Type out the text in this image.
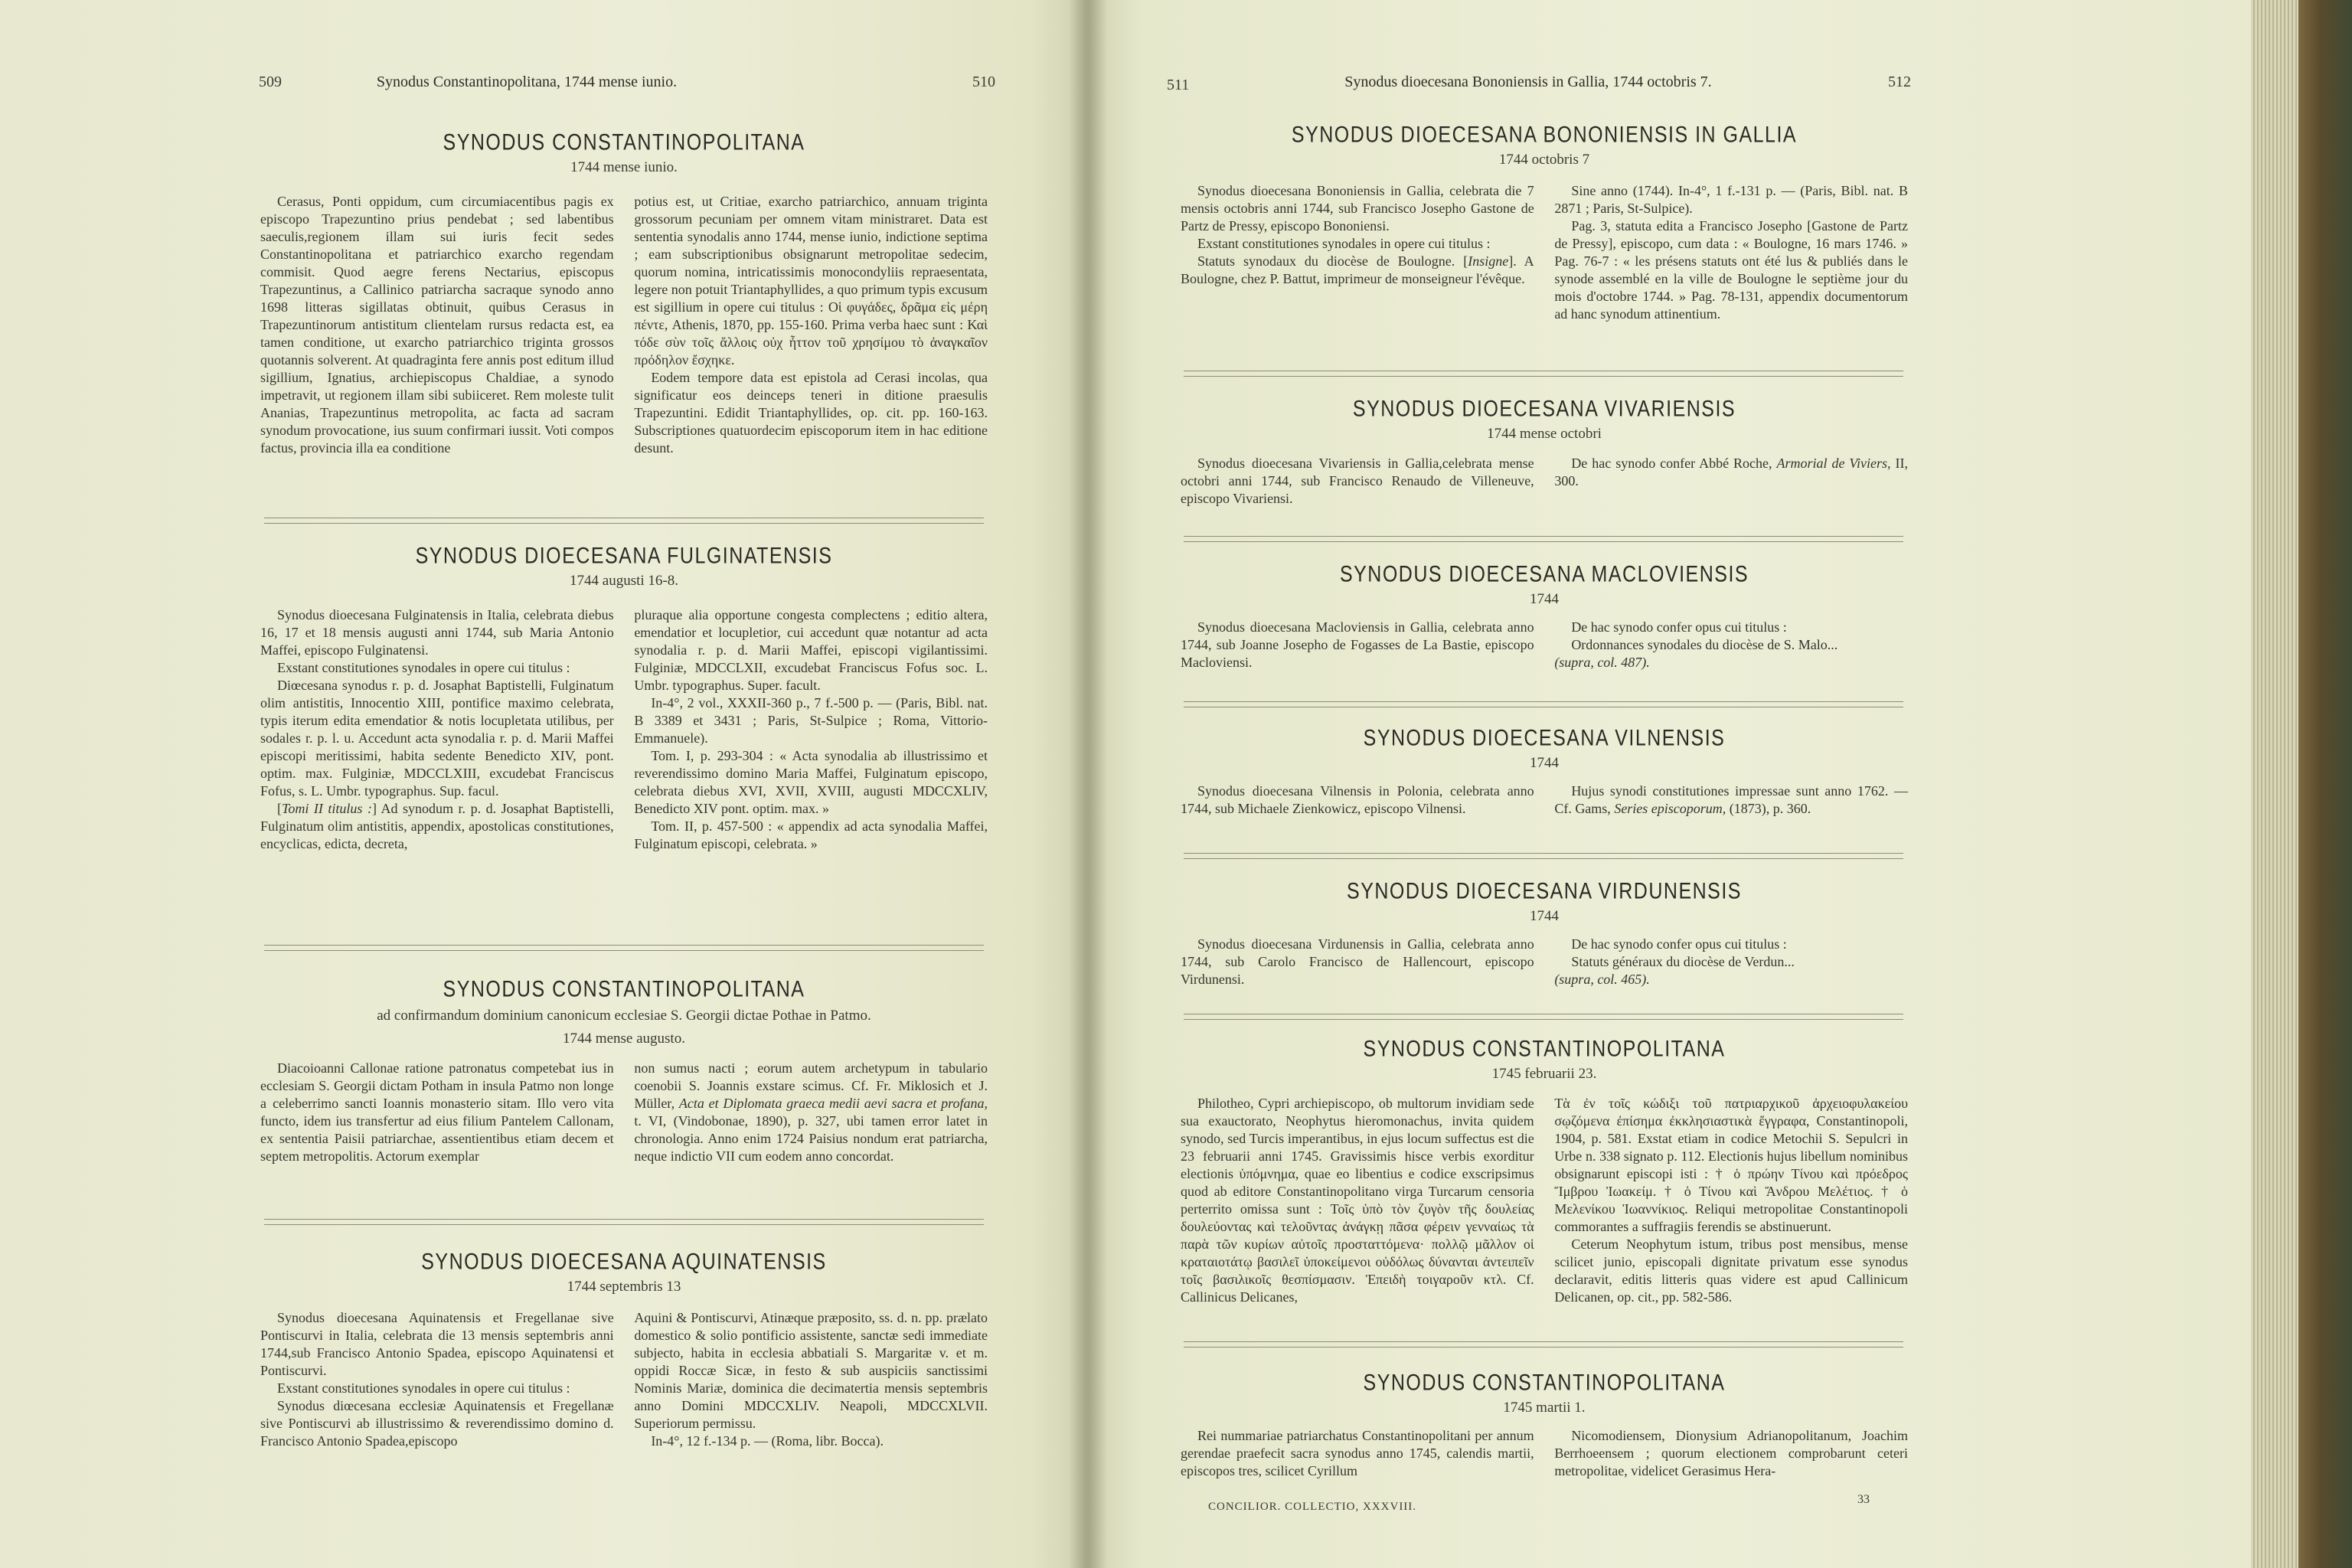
509	Synodus Constantinopolitana, 1744 mense iunio.	510
SYNODUS CONSTANTINOPOLITANA
1744 mense iunio.

Cerasus, Ponti oppidum, cum circumiacentibus pagis ex episcopo Trapezuntino prius pendebat ; sed labentibus saeculis,regionem illam sui iuris fecit sedes Constantinopolitana et patriarchico exarcho regendam commisit. Quod aegre ferens Nectarius, episcopus Trapezuntinus, a Callinico patriarcha sacraque synodo anno 1698 litteras sigillatas obtinuit, quibus Cerasus in Trapezuntinorum antistitum clientelam rursus redacta est, ea tamen conditione, ut exarcho patriarchico triginta grossos quotannis solverent. At quadraginta fere annis post editum illud sigillium, Ignatius, archiepiscopus Chaldiae, a synodo impetravit, ut regionem illam sibi subiiceret. Rem moleste tulit Ananias, Trapezuntinus metropolita, ac facta ad sacram synodum provocatione, ius suum confirmari iussit. Voti compos factus, provincia illa ea conditione

potius est, ut Critiae, exarcho patriarchico, annuam triginta grossorum pecuniam per omnem vitam ministraret. Data est sententia synodalis anno 1744, mense iunio, indictione septima ; eam subscriptionibus obsignarunt metropolitae sedecim, quorum nomina, intricatissimis monocondyliis repraesentata, legere non potuit Triantaphyllides, a quo primum typis excusum est sigillium in opere cui titulus : Οἱ φυγάδες, δρᾶμα εἰς μέρη πέντε, Athenis, 1870, pp. 155-160. Prima verba haec sunt : Καὶ τόδε σὺν τοῖς ἄλλοις οὐχ ἧττον τοῦ χρησίμου τὸ ἀναγκαῖον πρόδηλον ἔσχηκε.

Eodem tempore data est epistola ad Cerasi incolas, qua significatur eos deinceps teneri in ditione praesulis Trapezuntini. Edidit Triantaphyllides, op. cit. pp. 160-163. Subscriptiones quatuordecim episcoporum item in hac editione desunt.

SYNODUS DIOECESANA FULGINATENSIS
1744 augusti 16-8.

Synodus dioecesana Fulginatensis in Italia, celebrata diebus 16, 17 et 18 mensis augusti anni 1744, sub Maria Antonio Maffei, episcopo Fulginatensi.

Exstant constitutiones synodales in opere cui titulus :

Diœcesana synodus r. p. d. Josaphat Baptistelli, Fulginatum olim antistitis, Innocentio XIII, pontifice maximo celebrata, typis iterum edita emendatior & notis locupletata utilibus, per sodales r. p. l. u. Accedunt acta synodalia r. p. d. Marii Maffei episcopi meritissimi, habita sedente Benedicto XIV, pont. optim. max. Fulginiæ, MDCCLXIII, excudebat Franciscus Fofus, s. L. Umbr. typographus. Sup. facul.

[Tomi II titulus :] Ad synodum r. p. d. Josaphat Baptistelli, Fulginatum olim antistitis, appendix, apostolicas constitutiones, encyclicas, edicta, decreta,

pluraque alia opportune congesta complectens ; editio altera, emendatior et locupletior, cui accedunt quæ notantur ad acta synodalia r. p. d. Marii Maffei, episcopi vigilantissimi. Fulginiæ, MDCCLXII, excudebat Franciscus Fofus soc. L. Umbr. typographus. Super. facult.

In-4°, 2 vol., XXXII-360 p., 7 f.-500 p. — (Paris, Bibl. nat. B 3389 et 3431 ; Paris, St-Sulpice ; Roma, Vittorio-Emmanuele).

Tom. I, p. 293-304 : « Acta synodalia ab illustrissimo et reverendissimo domino Maria Maffei, Fulginatum episcopo, celebrata diebus XVI, XVII, XVIII, augusti MDCCXLIV, Benedicto XIV pont. optim. max. »

Tom. II, p. 457-500 : « appendix ad acta synodalia Maffei, Fulginatum episcopi, celebrata. »

SYNODUS CONSTANTINOPOLITANA
ad confirmandum dominium canonicum ecclesiae S. Georgii dictae Pothae in Patmo.
1744 mense augusto.

Diacoioanni Callonae ratione patronatus competebat ius in ecclesiam S. Georgii dictam Potham in insula Patmo non longe a celeberrimo sancti Ioannis monasterio sitam. Illo vero vita functo, idem ius transfertur ad eius filium Pantelem Callonam, ex sententia Paisii patriarchae, assentientibus etiam decem et septem metropolitis. Actorum exemplar

non sumus nacti ; eorum autem archetypum in tabulario coenobii S. Joannis exstare scimus. Cf. Fr. Miklosich et J. Müller, Acta et Diplomata graeca medii aevi sacra et profana, t. VI, (Vindobonae, 1890), p. 327, ubi tamen error latet in chronologia. Anno enim 1724 Paisius nondum erat patriarcha, neque indictio VII cum eodem anno concordat.

SYNODUS DIOECESANA AQUINATENSIS
1744 septembris 13

Synodus dioecesana Aquinatensis et Fregellanae sive Pontiscurvi in Italia, celebrata die 13 mensis septembris anni 1744,sub Francisco Antonio Spadea, episcopo Aquinatensi et Pontiscurvi.

Exstant constitutiones synodales in opere cui titulus :

Synodus diœcesana ecclesiæ Aquinatensis et Fregellanæ sive Pontiscurvi ab illustrissimo & reverendissimo domino d. Francisco Antonio Spadea,episcopo

Aquini & Pontiscurvi, Atinæque præposito, ss. d. n. pp. prælato domestico & solio pontificio assistente, sanctæ sedi immediate subjecto, habita in ecclesia abbatiali S. Margaritæ v. et m. oppidi Roccæ Sicæ, in festo & sub auspiciis sanctissimi Nominis Mariæ, dominica die decimatertia mensis septembris anno Domini MDCCXLIV. Neapoli, MDCCXLVII. Superiorum permissu.

In-4°, 12 f.-134 p. — (Roma, libr. Bocca).

511	Synodus dioecesana Bononiensis in Gallia, 1744 octobris 7.	512
SYNODUS DIOECESANA BONONIENSIS IN GALLIA
1744 octobris 7

Synodus dioecesana Bononiensis in Gallia, celebrata die 7 mensis octobris anni 1744, sub Francisco Josepho Gastone de Partz de Pressy, episcopo Bononiensi.

Exstant constitutiones synodales in opere cui titulus :

Statuts synodaux du diocèse de Boulogne. [Insigne]. A Boulogne, chez P. Battut, imprimeur de monseigneur l'évêque.

Sine anno (1744). In-4°, 1 f.-131 p. — (Paris, Bibl. nat. B 2871 ; Paris, St-Sulpice).

Pag. 3, statuta edita a Francisco Josepho [Gastone de Partz de Pressy], episcopo, cum data : « Boulogne, 16 mars 1746. » Pag. 76-7 : « les présens statuts ont été lus & publiés dans le synode assemblé en la ville de Boulogne le septième jour du mois d'octobre 1744. » Pag. 78-131, appendix documentorum ad hanc synodum attinentium.

SYNODUS DIOECESANA VIVARIENSIS
1744 mense octobri

Synodus dioecesana Vivariensis in Gallia,celebrata mense octobri anni 1744, sub Francisco Renaudo de Villeneuve, episcopo Vivariensi.

De hac synodo confer Abbé Roche, Armorial de Viviers, II, 300.

SYNODUS DIOECESANA MACLOVIENSIS
1744

Synodus dioecesana Macloviensis in Gallia, celebrata anno 1744, sub Joanne Josepho de Fogasses de La Bastie, episcopo Macloviensi.

De hac synodo confer opus cui titulus :

Ordonnances synodales du diocèse de S. Malo...

(supra, col. 487).

SYNODUS DIOECESANA VILNENSIS
1744

Synodus dioecesana Vilnensis in Polonia, celebrata anno 1744, sub Michaele Zienkowicz, episcopo Vilnensi.

Hujus synodi constitutiones impressae sunt anno 1762. — Cf. Gams, Series episcoporum, (1873), p. 360.

SYNODUS DIOECESANA VIRDUNENSIS
1744

Synodus dioecesana Virdunensis in Gallia, celebrata anno 1744, sub Carolo Francisco de Hallencourt, episcopo Virdunensi.

De hac synodo confer opus cui titulus :

Statuts généraux du diocèse de Verdun...

(supra, col. 465).

SYNODUS CONSTANTINOPOLITANA
1745 februarii 23.

Philotheo, Cypri archiepiscopo, ob multorum invidiam sede sua exauctorato, Neophytus hieromonachus, invita quidem synodo, sed Turcis imperantibus, in ejus locum suffectus est die 23 februarii anni 1745. Gravissimis hisce verbis exorditur electionis ὑπόμνημα, quae eo libentius e codice exscripsimus quod ab editore Constantinopolitano virga Turcarum censoria perterrito omissa sunt : Τοῖς ὑπὸ τὸν ζυγὸν τῆς δουλείας δουλεύοντας καὶ τελοῦντας ἀνάγκῃ πᾶσα φέρειν γενναίως τὰ παρὰ τῶν κυρίων αὐτοῖς προσταττόμενα· πολλῷ μᾶλλον οἱ κραταιοτάτῳ βασιλεῖ ὑποκείμενοι οὐδόλως δύνανται ἀντειπεῖν τοῖς βασιλικοῖς θεσπίσμασιν. Ἐπειδὴ τοιγαροῦν κτλ. Cf. Callinicus Delicanes,

Τὰ ἐν τοῖς κώδιξι τοῦ πατριαρχικοῦ ἀρχειοφυλακείου σῳζόμενα ἐπίσημα ἐκκλησιαστικὰ ἔγγραφα, Constantinopoli, 1904, p. 581. Exstat etiam in codice Metochii S. Sepulcri in Urbe n. 338 signato p. 112. Electionis hujus libellum nominibus obsignarunt episcopi isti : † ὁ πρώην Τίνου καὶ πρόεδρος Ἴμβρου Ἰωακείμ. † ὁ Τίνου καὶ Ἄνδρου Μελέτιος. † ὁ Μελενίκου Ἰωαννίκιος. Reliqui metropolitae Constantinopoli commorantes a suffragiis ferendis se abstinuerunt.

Ceterum Neophytum istum, tribus post mensibus, mense scilicet junio, episcopali dignitate privatum esse synodus declaravit, editis litteris quas videre est apud Callinicum Delicanen, op. cit., pp. 582-586.

SYNODUS CONSTANTINOPOLITANA
1745 martii 1.

Rei nummariae patriarchatus Constantinopolitani per annum gerendae praefecit sacra synodus anno 1745, calendis martii, episcopos tres, scilicet Cyrillum

Nicomodiensem, Dionysium Adrianopolitanum, Joachim Berrhoeensem ; quorum electionem comprobarunt ceteri metropolitae, videlicet Gerasimus Hera-

CONCILIOR. COLLECTIO, XXXVIII.
33
